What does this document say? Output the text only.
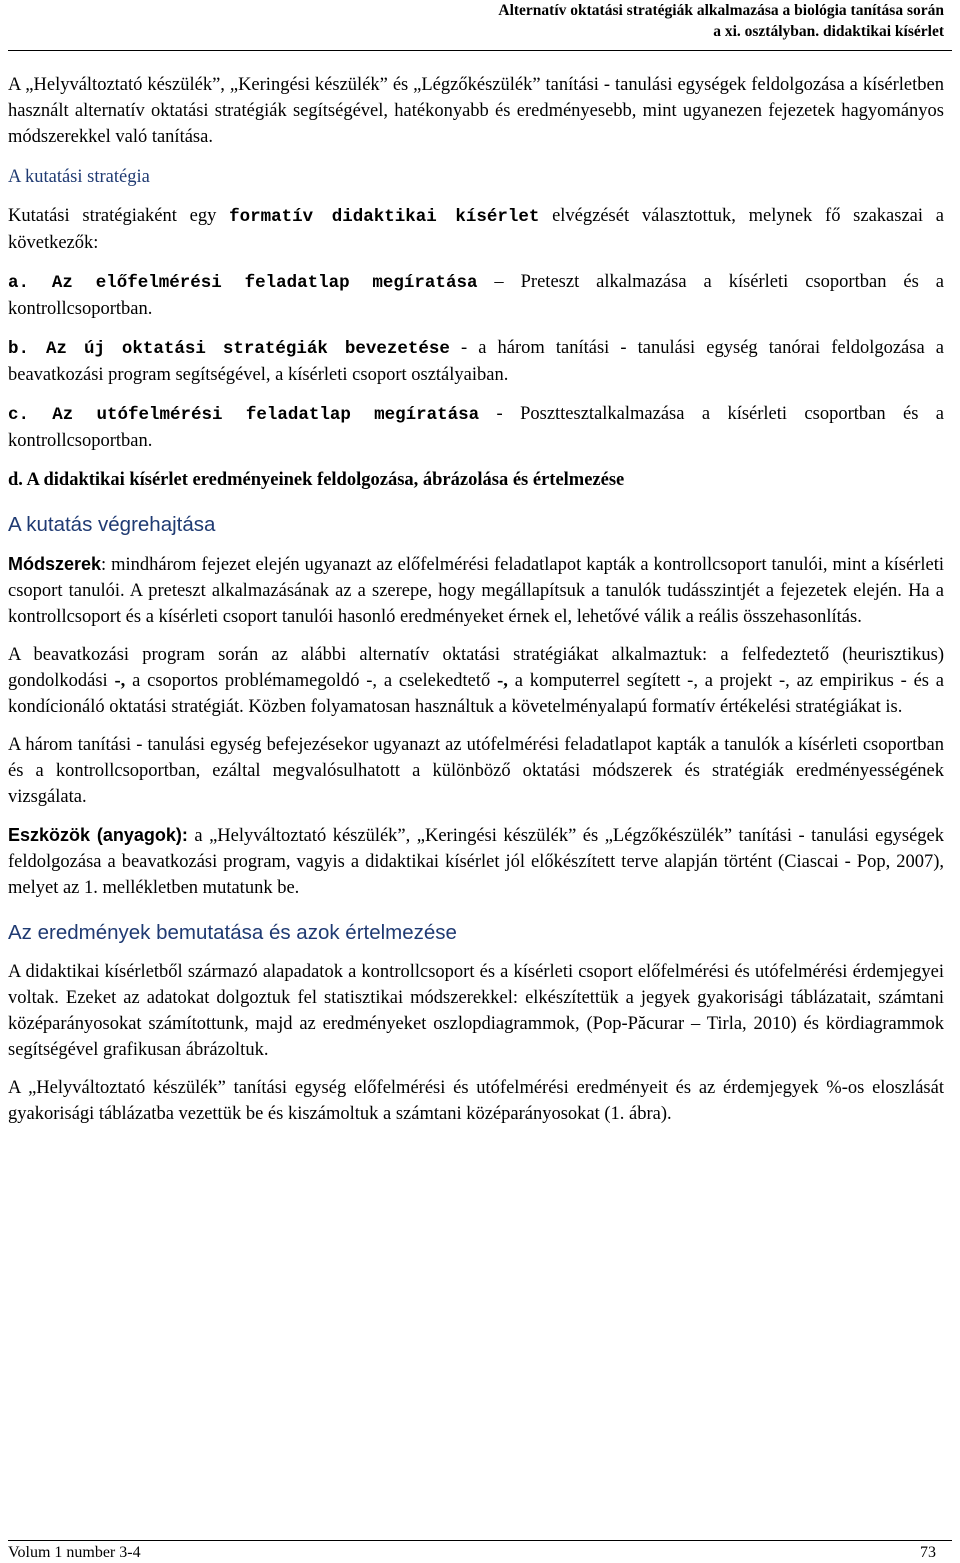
Alternatív oktatási stratégiák alkalmazása a biológia tanítása során
a xi. osztályban. didaktikai kísérlet

A „Helyváltoztató készülék”, „Keringési készülék” és „Légzőkészülék” tanítási - tanulási egységek feldolgozása a kísérletben használt alternatív oktatási stratégiák segítségével, hatékonyabb és eredményesebb, mint ugyanezen fejezetek hagyományos módszerekkel való tanítása.

A kutatási stratégia

Kutatási stratégiaként egy formatív didaktikai kísérlet elvégzését választottuk, melynek fő szakaszai a következők:

a. Az előfelmérési feladatlap megíratása – Preteszt alkalmazása a kísérleti csoportban és a kontrollcsoportban.

b. Az új oktatási stratégiák bevezetése - a három tanítási - tanulási egység tanórai feldolgozása a beavatkozási program segítségével, a kísérleti csoport osztályaiban.

c. Az utófelmérési feladatlap megíratása - Poszttesztalkalmazása a kísérleti csoportban és a kontrollcsoportban.

d. A didaktikai kísérlet eredményeinek feldolgozása, ábrázolása és értelmezése

A kutatás végrehajtása

Módszerek: mindhárom fejezet elején ugyanazt az előfelmérési feladatlapot kapták a kontrollcsoport tanulói, mint a kísérleti csoport tanulói. A preteszt alkalmazásának az a szerepe, hogy megállapítsuk a tanulók tudásszintjét a fejezetek elején. Ha a kontrollcsoport és a kísérleti csoport tanulói hasonló eredményeket érnek el, lehetővé válik a reális összehasonlítás.

A beavatkozási program során az alábbi alternatív oktatási stratégiákat alkalmaztuk: a felfedeztető (heurisztikus) gondolkodási -, a csoportos problémamegoldó -, a cselekedtető -, a komputerrel segített -, a projekt -, az empirikus - és a kondícionáló oktatási stratégiát. Közben folyamatosan használtuk a követelményalapú formatív értékelési stratégiákat is.

A három tanítási - tanulási egység befejezésekor ugyanazt az utófelmérési feladatlapot kapták a tanulók a kísérleti csoportban és a kontrollcsoportban, ezáltal megvalósulhatott a különböző oktatási módszerek és stratégiák eredményességének vizsgálata.

Eszközök (anyagok): a „Helyváltoztató készülék”, „Keringési készülék” és „Légzőkészülék” tanítási - tanulási egységek feldolgozása a beavatkozási program, vagyis a didaktikai kísérlet jól előkészített terve alapján történt (Ciascai - Pop, 2007), melyet az 1. mellékletben mutatunk be.

Az eredmények bemutatása és azok értelmezése

A didaktikai kísérletből származó alapadatok a kontrollcsoport és a kísérleti csoport előfelmérési és utófelmérési érdemjegyei voltak. Ezeket az adatokat dolgoztuk fel statisztikai módszerekkel: elkészítettük a jegyek gyakorisági táblázatait, számtani középarányosokat számítottunk, majd az eredményeket oszlopdiagrammok, (Pop-Păcurar – Tirla, 2010) és kördiagrammok segítségével grafikusan ábrázoltuk.

A „Helyváltoztató készülék” tanítási egység előfelmérési és utófelmérési eredményeit és az érdemjegyek %-os eloszlását gyakorisági táblázatba vezettük be és kiszámoltuk a számtani középarányosokat (1. ábra).

Volum 1 number 3-4	73
